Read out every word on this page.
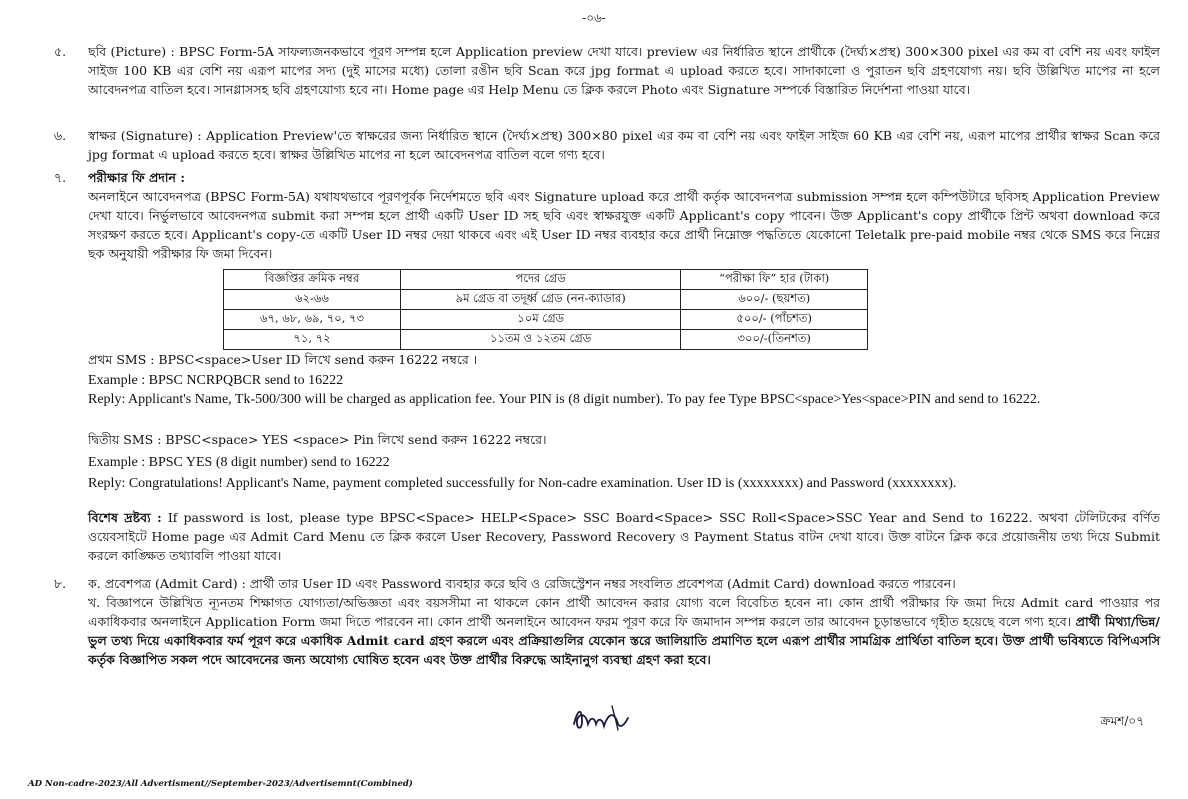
-০৬-
৫.	ছবি (Picture) : BPSC Form-5A সাফল্যজনকভাবে পূরণ সম্পন্ন হলে Application preview দেখা যাবে। preview এর নির্ধারিত স্থানে প্রার্থীকে (দৈর্ঘ্য×প্রস্থ) 300×300 pixel এর কম বা বেশি নয় এবং ফাইল সাইজ 100 KB এর বেশি নয় এরূপ মাপের সদ্য (দুই মাসের মধ্যে) তোলা রঙীন ছবি Scan করে jpg format এ upload করতে হবে। সাদাকালো ও পুরাতন ছবি গ্রহণযোগ্য নয়। ছবি উল্লিখিত মাপের না হলে আবেদনপত্র বাতিল হবে। সানগ্লাসসহ ছবি গ্রহণযোগ্য হবে না। Home page এর Help Menu তে ক্লিক করলে Photo এবং Signature সম্পর্কে বিস্তারিত নির্দেশনা পাওয়া যাবে।
৬.	স্বাক্ষর (Signature) : Application Preview'তে স্বাক্ষরের জন্য নির্ধারিত স্থানে (দৈর্ঘ্য×প্রস্থ) 300×80 pixel এর কম বা বেশি নয় এবং ফাইল সাইজ 60 KB এর বেশি নয়, এরূপ মাপের প্রার্থীর স্বাক্ষর Scan করে jpg format এ upload করতে হবে। স্বাক্ষর উল্লিখিত মাপের না হলে আবেদনপত্র বাতিল বলে গণ্য হবে।
৭.	পরীক্ষার ফি প্রদান :
অনলাইনে আবেদনপত্র (BPSC Form-5A) যথাযথভাবে পূরণপূর্বক নির্দেশমতে ছবি এবং Signature upload করে প্রার্থী কর্তৃক আবেদনপত্র submission সম্পন্ন হলে কম্পিউটারে ছবিসহ Application Preview দেখা যাবে। নির্ভুলভাবে আবেদনপত্র submit করা সম্পন্ন হলে প্রার্থী একটি User ID সহ ছবি এবং স্বাক্ষরযুক্ত একটি Applicant's copy পাবেন। উক্ত Applicant's copy প্রার্থীকে প্রিন্ট অথবা download করে সংরক্ষণ করতে হবে। Applicant's copy-তে একটি User ID নম্বর দেয়া থাকবে এবং এই User ID নম্বর ব্যবহার করে প্রার্থী নিম্নোক্ত পদ্ধতিতে যেকোনো Teletalk pre-paid mobile নম্বর থেকে SMS করে নিম্নের ছক অনুযায়ী পরীক্ষার ফি জমা দিবেন।
বিজ্ঞপ্তির ক্রমিক নম্বর	পদের গ্রেড	“পরীক্ষা ফি” হার (টাকা)
৬২-৬৬	৯ম গ্রেড বা তদূর্ধ্ব গ্রেড (নন-ক্যাডার)	৬০০/- (ছয়শত)
৬৭, ৬৮, ৬৯, ৭০, ৭৩	১০ম গ্রেড	৫০০/- (পাঁচশত)
৭১, ৭২	১১তম ও ১২তম গ্রেড	৩০০/-(তিনশত)
প্রথম SMS : BPSC<space>User ID লিখে send করুন 16222 নম্বরে ।
Example : BPSC NCRPQBCR send to 16222
Reply: Applicant's Name, Tk-500/300 will be charged as application fee. Your PIN is (8 digit number). To pay fee Type BPSC<space>Yes<space>PIN and send to 16222.
দ্বিতীয় SMS : BPSC<space> YES <space> Pin লিখে send করুন 16222 নম্বরে।
Example : BPSC YES (8 digit number) send to 16222
Reply: Congratulations! Applicant's Name, payment completed successfully for Non-cadre examination. User ID is (xxxxxxxx) and Password (xxxxxxxx).
বিশেষ দ্রষ্টব্য : If password is lost, please type BPSC<Space> HELP<Space> SSC Board<Space> SSC Roll<Space>SSC Year and Send to 16222. অথবা টেলিটকের বর্ণিত ওয়েবসাইটে Home page এর Admit Card Menu তে ক্লিক করলে User Recovery, Password Recovery ও Payment Status বাটন দেখা যাবে। উক্ত বাটনে ক্লিক করে প্রয়োজনীয় তথ্য দিয়ে Submit করলে কাঙ্ক্ষিত তথ্যাবলি পাওয়া যাবে।
৮.	ক. প্রবেশপত্র (Admit Card) : প্রার্থী তার User ID এবং Password ব্যবহার করে ছবি ও রেজিস্ট্রেশন নম্বর সংবলিত প্রবেশপত্র (Admit Card) download করতে পারবেন।
খ. বিজ্ঞাপনে উল্লিখিত ন্যূনতম শিক্ষাগত যোগ্যতা/অভিজ্ঞতা এবং বয়সসীমা না থাকলে কোন প্রার্থী আবেদন করার যোগ্য বলে বিবেচিত হবেন না। কোন প্রার্থী পরীক্ষার ফি জমা দিয়ে Admit card পাওয়ার পর একাধিকবার অনলাইনে Application Form জমা দিতে পারবেন না। কোন প্রার্থী অনলাইনে আবেদন ফরম পূরণ করে ফি জমাদান সম্পন্ন করলে তার আবেদন চূড়ান্তভাবে গৃহীত হয়েছে বলে গণ্য হবে। প্রার্থী মিথ্যা/ভিন্ন/ভুল তথ্য দিয়ে একাধিকবার ফর্ম পূরণ করে একাধিক Admit card গ্রহণ করলে এবং প্রক্রিয়াগুলির যেকোন স্তরে জালিয়াতি প্রমাণিত হলে এরূপ প্রার্থীর সামগ্রিক প্রার্থিতা বাতিল হবে। উক্ত প্রার্থী ভবিষ্যতে বিপিএসসি কর্তৃক বিজ্ঞাপিত সকল পদে আবেদনের জন্য অযোগ্য ঘোষিত হবেন এবং উক্ত প্রার্থীর বিরুদ্ধে আইনানুগ ব্যবস্থা গ্রহণ করা হবে।
ক্রমশ/০৭
AD Non-cadre-2023/All Advertisment//September-2023/Advertisemnt(Combined)
